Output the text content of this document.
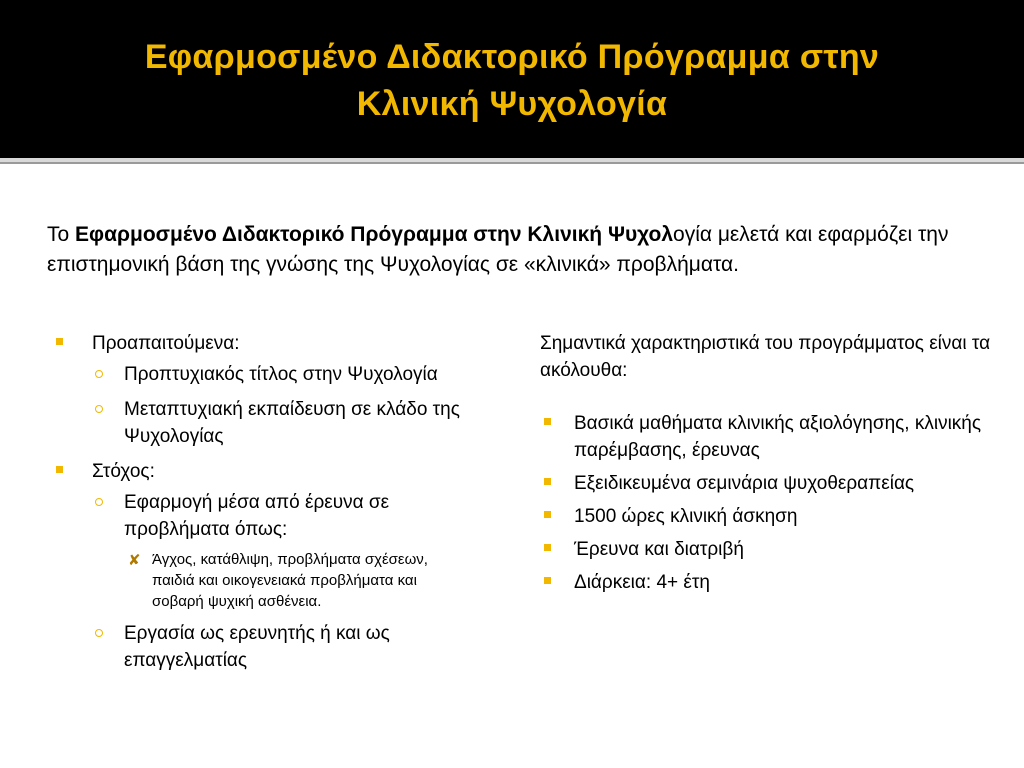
Εφαρμοσμένο Διδακτορικό Πρόγραμμα στην
Κλινική Ψυχολογία

Το Εφαρμοσμένο Διδακτορικό Πρόγραμμα στην Κλινική Ψυχολογία μελετά και εφαρμόζει την επιστημονική βάση της γνώσης της Ψυχολογίας σε «κλινικά» προβλήματα.

Προαπαιτούμενα:
Προπτυχιακός τίτλος στην Ψυχολογία
Μεταπτυχιακή εκπαίδευση σε κλάδο της Ψυχολογίας
Στόχος:
Εφαρμογή μέσα από έρευνα σε προβλήματα όπως:
✘ Άγχος, κατάθλιψη, προβλήματα σχέσεων, παιδιά και οικογενειακά προβλήματα και σοβαρή ψυχική ασθένεια.
Εργασία ως ερευνητής ή και ως επαγγελματίας
Σημαντικά χαρακτηριστικά του προγράμματος είναι τα ακόλουθα:
Βασικά μαθήματα κλινικής αξιολόγησης, κλινικής παρέμβασης, έρευνας
Εξειδικευμένα σεμινάρια ψυχοθεραπείας
1500 ώρες κλινική άσκηση
Έρευνα και διατριβή
Διάρκεια: 4+ έτη
